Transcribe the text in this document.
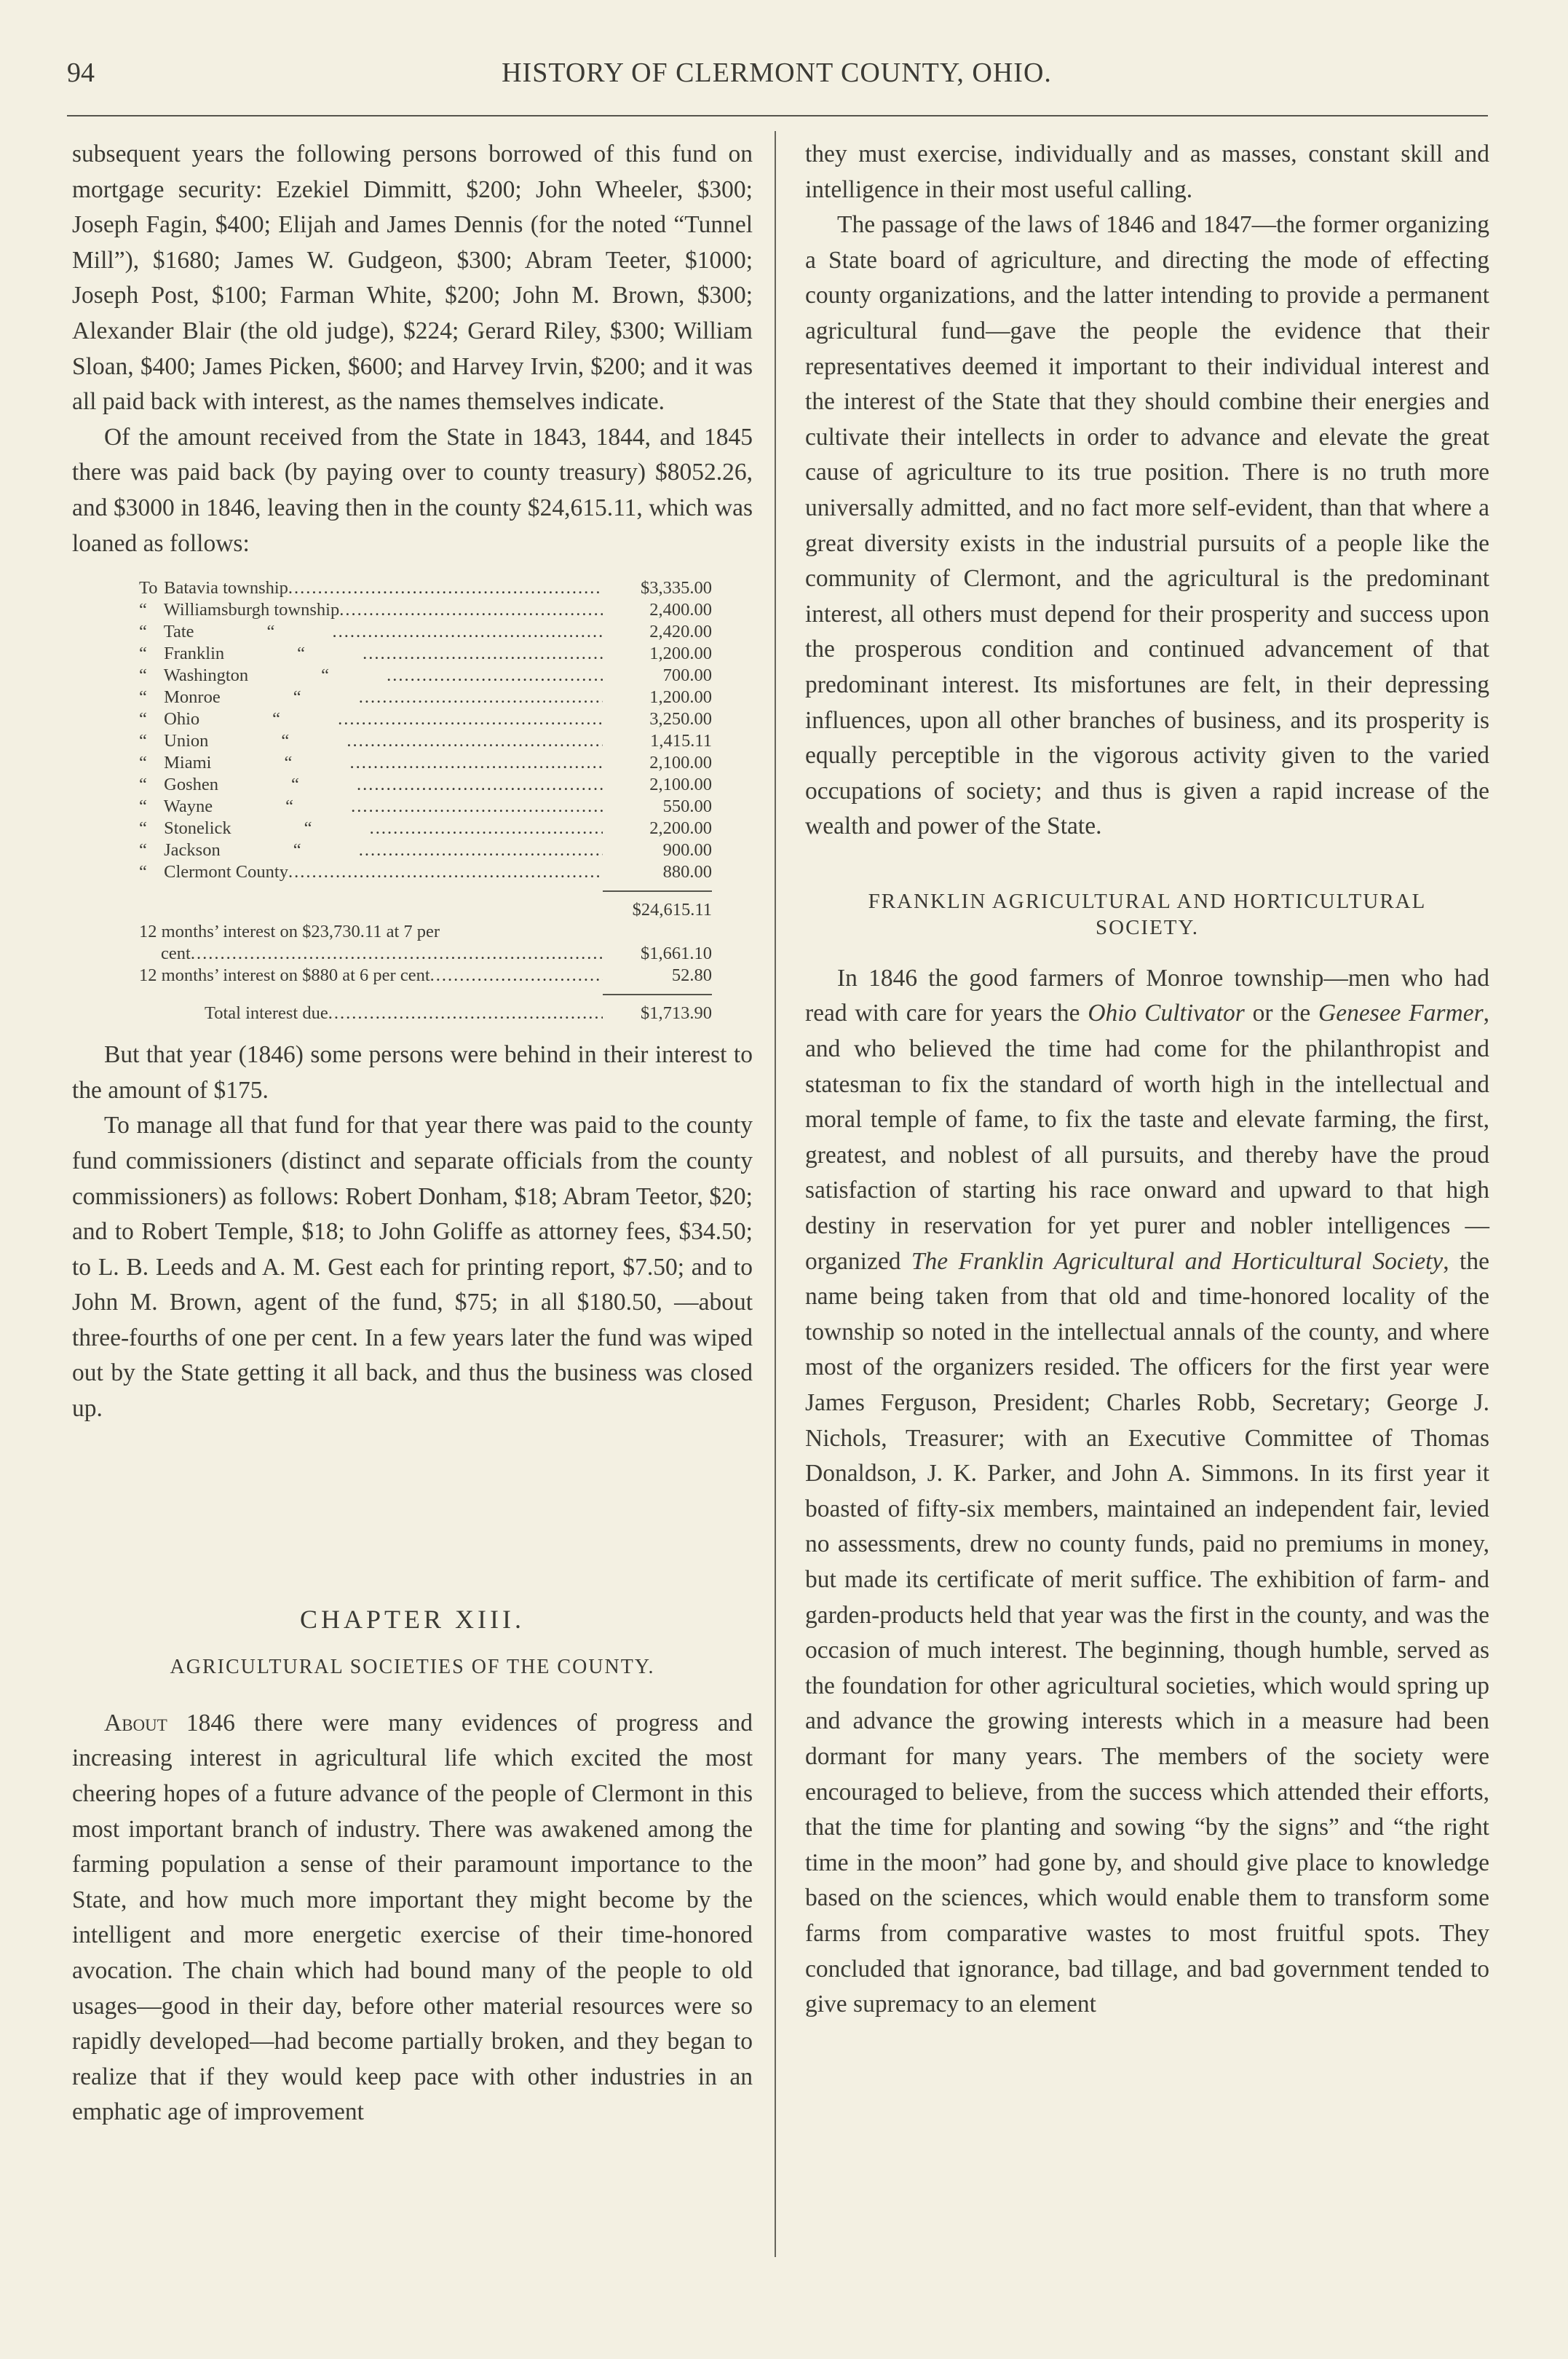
94	HISTORY OF CLERMONT COUNTY, OHIO.

subsequent years the following persons borrowed of this fund on mortgage security: Ezekiel Dimmitt, $200; John Wheeler, $300; Joseph Fagin, $400; Elijah and James Dennis (for the noted “Tunnel Mill”), $1680; James W. Gudgeon, $300; Abram Teeter, $1000; Joseph Post, $100; Farman White, $200; John M. Brown, $300; Alexander Blair (the old judge), $224; Gerard Riley, $300; William Sloan, $400; James Picken, $600; and Harvey Irvin, $200; and it was all paid back with interest, as the names themselves indicate.

Of the amount received from the State in 1843, 1844, and 1845 there was paid back (by paying over to county treasury) $8052.26, and $3000 in 1846, leaving then in the county $24,615.11, which was loaned as follows:

To Batavia township .....	$3,335.00
“ Williamsburgh township .....	2,400.00
“ Tate	“ .....	2,420.00
“ Franklin	“ .....	1,200.00
“ Washington	“ .....	700.00
“ Monroe	“ .....	1,200.00
“ Ohio	“ .....	3,250.00
“ Union	“ .....	1,415.11
“ Miami	“ .....	2,100.00
“ Goshen	“ .....	2,100.00
“ Wayne	“ .....	550.00
“ Stonelick	“ .....	2,200.00
“ Jackson	“ .....	900.00
“ Clermont County .....	880.00
$24,615.11
12 months’ interest on $23,730.11 at 7 per
cent .....	$1,661.10
12 months’ interest on $880 at 6 per cent .....	52.80
Total interest due .....	$1,713.90

But that year (1846) some persons were behind in their interest to the amount of $175.

To manage all that fund for that year there was paid to the county fund commissioners (distinct and separate officials from the county commissioners) as follows: Robert Donham, $18; Abram Teetor, $20; and to Robert Temple, $18; to John Goliffe as attorney fees, $34.50; to L. B. Leeds and A. M. Gest each for printing report, $7.50; and to John M. Brown, agent of the fund, $75; in all $180.50, —about three-fourths of one per cent. In a few years later the fund was wiped out by the State getting it all back, and thus the business was closed up.

CHAPTER XIII.
AGRICULTURAL SOCIETIES OF THE COUNTY.

About 1846 there were many evidences of progress and increasing interest in agricultural life which excited the most cheering hopes of a future advance of the people of Clermont in this most important branch of industry. There was awakened among the farming population a sense of their paramount importance to the State, and how much more important they might become by the intelligent and more energetic exercise of their time-honored avocation. The chain which had bound many of the people to old usages—good in their day, before other material resources were so rapidly developed—had become partially broken, and they began to realize that if they would keep pace with other industries in an emphatic age of improvement

they must exercise, individually and as masses, constant skill and intelligence in their most useful calling.

The passage of the laws of 1846 and 1847—the former organizing a State board of agriculture, and directing the mode of effecting county organizations, and the latter intending to provide a permanent agricultural fund—gave the people the evidence that their representatives deemed it important to their individual interest and the interest of the State that they should combine their energies and cultivate their intellects in order to advance and elevate the great cause of agriculture to its true position. There is no truth more universally admitted, and no fact more self-evident, than that where a great diversity exists in the industrial pursuits of a people like the community of Clermont, and the agricultural is the predominant interest, all others must depend for their prosperity and success upon the prosperous condition and continued advancement of that predominant interest. Its misfortunes are felt, in their depressing influences, upon all other branches of business, and its prosperity is equally perceptible in the vigorous activity given to the varied occupations of society; and thus is given a rapid increase of the wealth and power of the State.

FRANKLIN AGRICULTURAL AND HORTICULTURAL SOCIETY.

In 1846 the good farmers of Monroe township—men who had read with care for years the Ohio Cultivator or the Genesee Farmer, and who believed the time had come for the philanthropist and statesman to fix the standard of worth high in the intellectual and moral temple of fame, to fix the taste and elevate farming, the first, greatest, and noblest of all pursuits, and thereby have the proud satisfaction of starting his race onward and upward to that high destiny in reservation for yet purer and nobler intelligences —organized The Franklin Agricultural and Horticultural Society, the name being taken from that old and time-honored locality of the township so noted in the intellectual annals of the county, and where most of the organizers resided. The officers for the first year were James Ferguson, President; Charles Robb, Secretary; George J. Nichols, Treasurer; with an Executive Committee of Thomas Donaldson, J. K. Parker, and John A. Simmons. In its first year it boasted of fifty-six members, maintained an independent fair, levied no assessments, drew no county funds, paid no premiums in money, but made its certificate of merit suffice. The exhibition of farm- and garden-products held that year was the first in the county, and was the occasion of much interest. The beginning, though humble, served as the foundation for other agricultural societies, which would spring up and advance the growing interests which in a measure had been dormant for many years. The members of the society were encouraged to believe, from the success which attended their efforts, that the time for planting and sowing “by the signs” and “the right time in the moon” had gone by, and should give place to knowledge based on the sciences, which would enable them to transform some farms from comparative wastes to most fruitful spots. They concluded that ignorance, bad tillage, and bad government tended to give supremacy to an element
